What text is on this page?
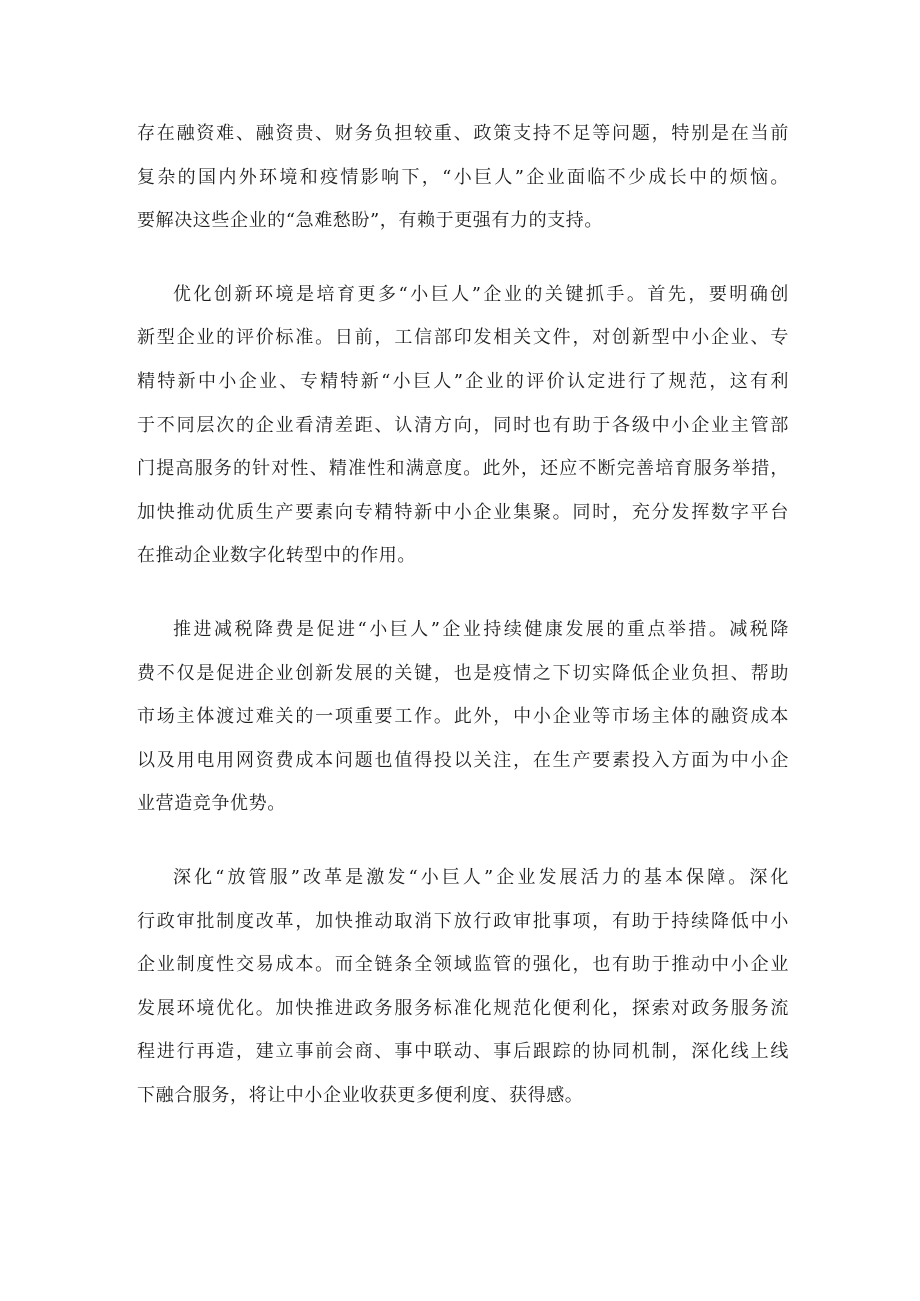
存在融资难、融资贵、财务负担较重、政策支持不足等问题，特别是在当前
复杂的国内外环境和疫情影响下，“小巨人”企业面临不少成长中的烦恼。
要解决这些企业的“急难愁盼”，有赖于更强有力的支持。
优化创新环境是培育更多“小巨人”企业的关键抓手。首先，要明确创
新型企业的评价标准。日前，工信部印发相关文件，对创新型中小企业、专
精特新中小企业、专精特新“小巨人”企业的评价认定进行了规范，这有利
于不同层次的企业看清差距、认清方向，同时也有助于各级中小企业主管部
门提高服务的针对性、精准性和满意度。此外，还应不断完善培育服务举措，
加快推动优质生产要素向专精特新中小企业集聚。同时，充分发挥数字平台
在推动企业数字化转型中的作用。
推进减税降费是促进“小巨人”企业持续健康发展的重点举措。减税降
费不仅是促进企业创新发展的关键，也是疫情之下切实降低企业负担、帮助
市场主体渡过难关的一项重要工作。此外，中小企业等市场主体的融资成本
以及用电用网资费成本问题也值得投以关注，在生产要素投入方面为中小企
业营造竞争优势。
深化“放管服”改革是激发“小巨人”企业发展活力的基本保障。深化
行政审批制度改革，加快推动取消下放行政审批事项，有助于持续降低中小
企业制度性交易成本。而全链条全领域监管的强化，也有助于推动中小企业
发展环境优化。加快推进政务服务标准化规范化便利化，探索对政务服务流
程进行再造，建立事前会商、事中联动、事后跟踪的协同机制，深化线上线
下融合服务，将让中小企业收获更多便利度、获得感。
